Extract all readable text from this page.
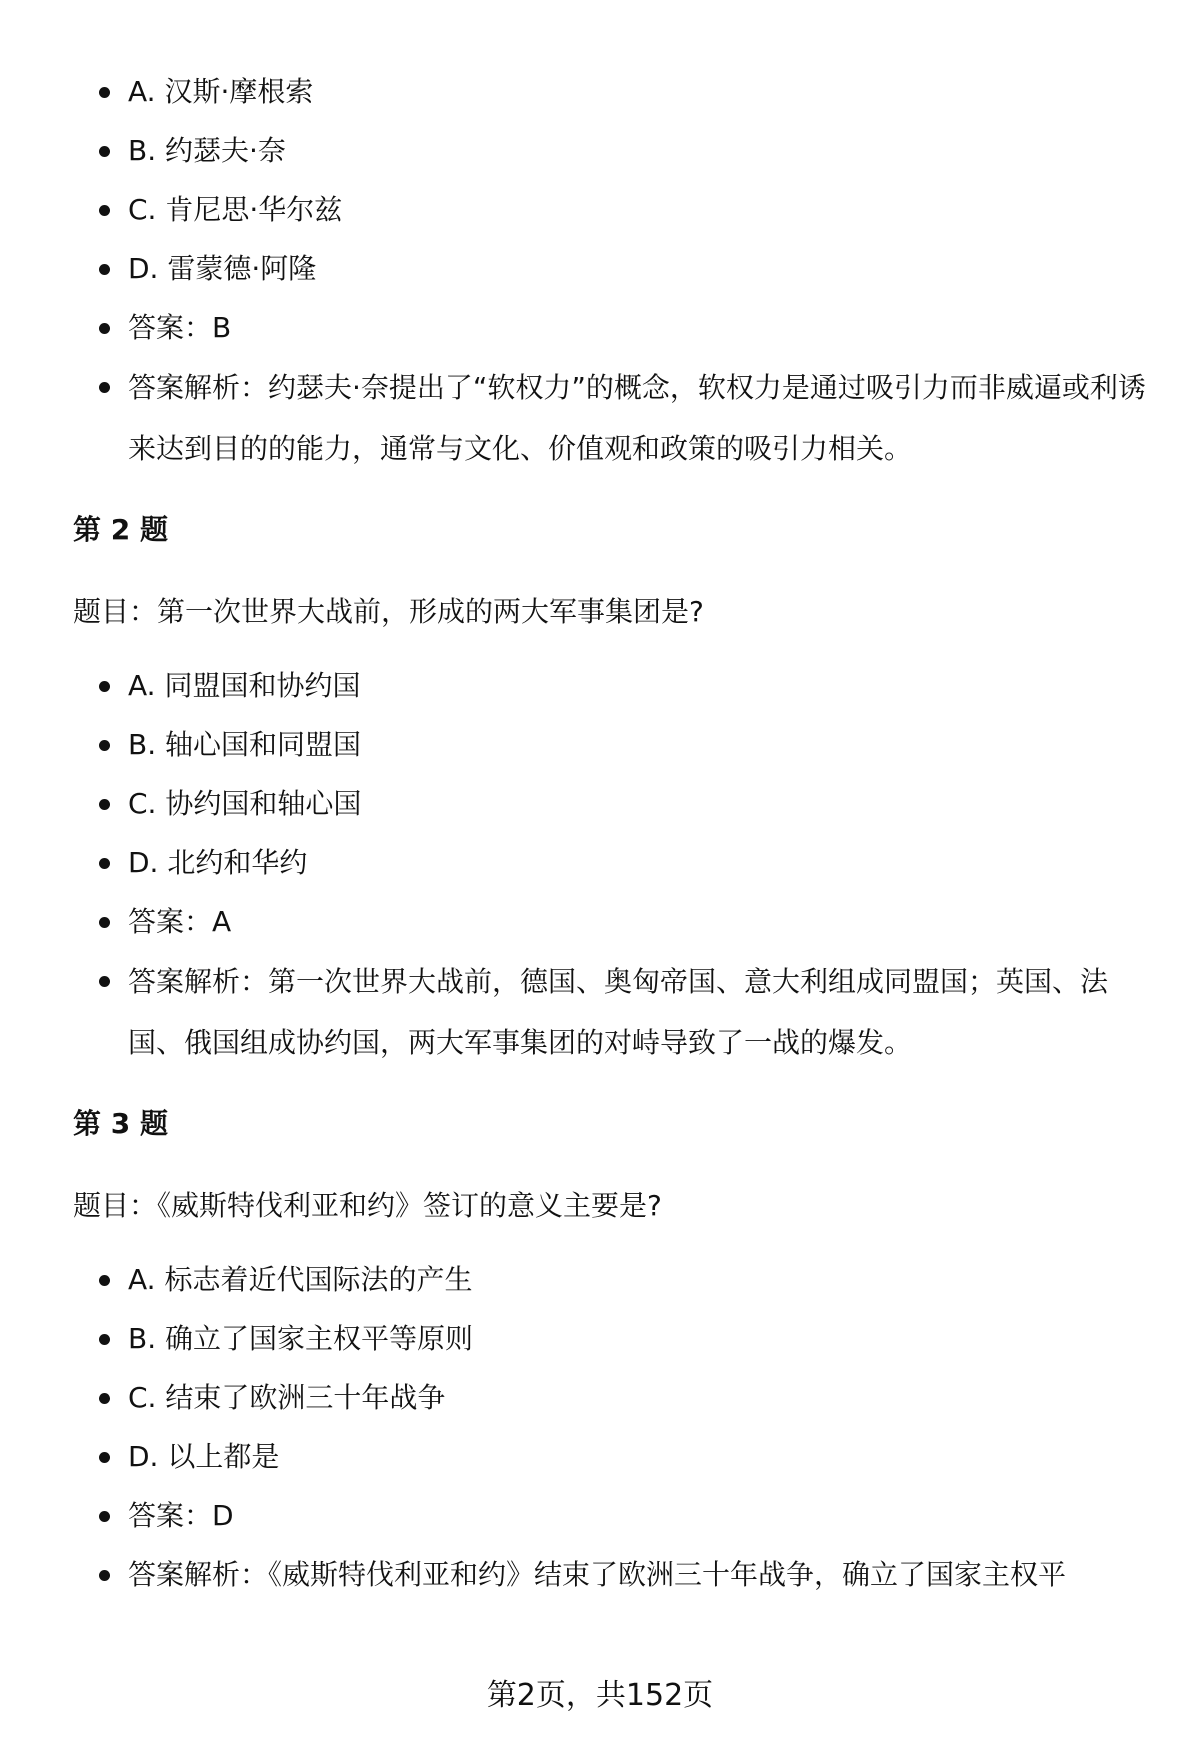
A. 汉斯·摩根索
B. 约瑟夫·奈
C. 肯尼思·华尔兹
D. 雷蒙德·阿隆
答案：B
答案解析：约瑟夫·奈提出了“软权力”的概念，软权力是通过吸引力而非威逼或利诱来达到目的的能力，通常与文化、价值观和政策的吸引力相关。
第 2 题
题目：第一次世界大战前，形成的两大军事集团是?
A. 同盟国和协约国
B. 轴心国和同盟国
C. 协约国和轴心国
D. 北约和华约
答案：A
答案解析：第一次世界大战前，德国、奥匈帝国、意大利组成同盟国；英国、法国、俄国组成协约国，两大军事集团的对峙导致了一战的爆发。
第 3 题
题目：《威斯特伐利亚和约》签订的意义主要是?
A. 标志着近代国际法的产生
B. 确立了国家主权平等原则
C. 结束了欧洲三十年战争
D. 以上都是
答案：D
答案解析：《威斯特伐利亚和约》结束了欧洲三十年战争，确立了国家主权平
第2页，共152页
